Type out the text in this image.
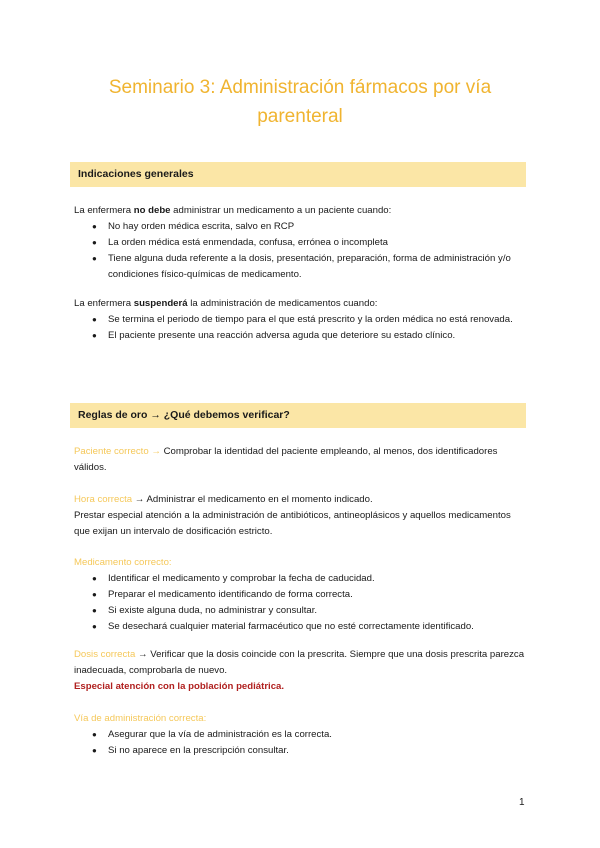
Seminario 3: Administración fármacos por vía
parenteral
Indicaciones generales
La enfermera no debe administrar un medicamento a un paciente cuando:
● No hay orden médica escrita, salvo en RCP
● La orden médica está enmendada, confusa, errónea o incompleta
● Tiene alguna duda referente a la dosis, presentación, preparación, forma de administración y/o condiciones físico-químicas de medicamento.
La enfermera suspenderá la administración de medicamentos cuando:
● Se termina el periodo de tiempo para el que está prescrito y la orden médica no está renovada.
● El paciente presente una reacción adversa aguda que deteriore su estado clínico.
Reglas de oro → ¿Qué debemos verificar?
Paciente correcto → Comprobar la identidad del paciente empleando, al menos, dos identificadores válidos.
Hora correcta → Administrar el medicamento en el momento indicado.
Prestar especial atención a la administración de antibióticos, antineoplásicos y aquellos medicamentos que exijan un intervalo de dosificación estricto.
Medicamento correcto:
● Identificar el medicamento y comprobar la fecha de caducidad.
● Preparar el medicamento identificando de forma correcta.
● Si existe alguna duda, no administrar y consultar.
● Se desechará cualquier material farmacéutico que no esté correctamente identificado.
Dosis correcta → Verificar que la dosis coincide con la prescrita. Siempre que una dosis prescrita parezca inadecuada, comprobarla de nuevo.
Especial atención con la población pediátrica.
Vía de administración correcta:
● Asegurar que la vía de administración es la correcta.
● Si no aparece en la prescripción consultar.
1
